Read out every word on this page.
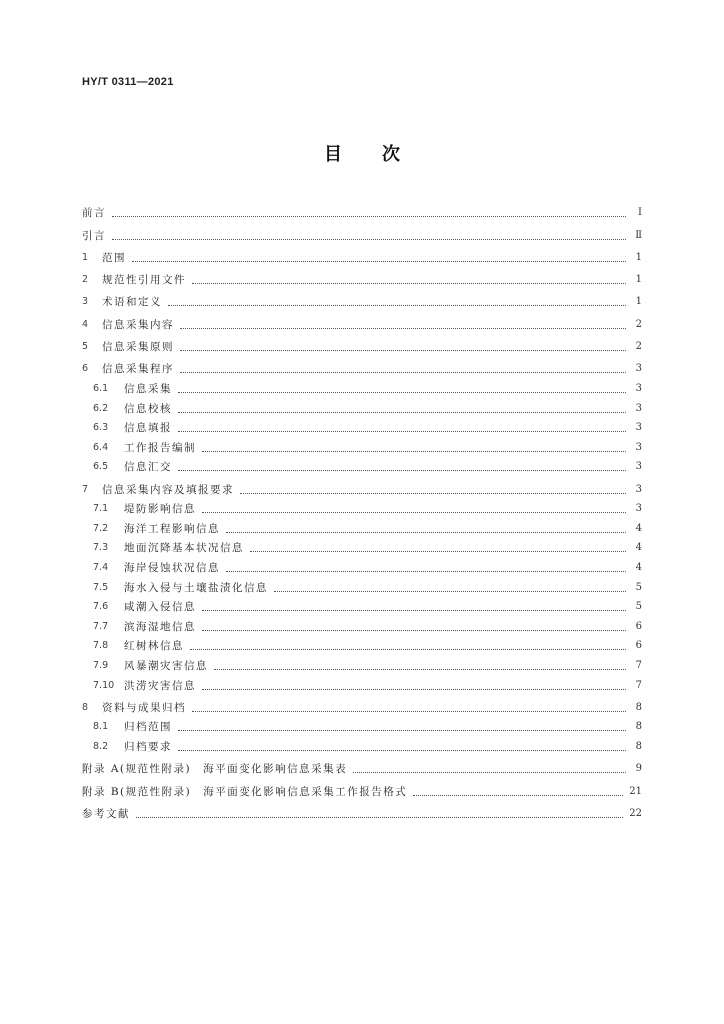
HY/T 0311—2021
目 次
前言	I
引言	Ⅱ
1	范围	1
2	规范性引用文件	1
3	术语和定义	1
4	信息采集内容	2
5	信息采集原则	2
6	信息采集程序	3
6.1	信息采集	3
6.2	信息校核	3
6.3	信息填报	3
6.4	工作报告编制	3
6.5	信息汇交	3
7	信息采集内容及填报要求	3
7.1	堤防影响信息	3
7.2	海洋工程影响信息	4
7.3	地面沉降基本状况信息	4
7.4	海岸侵蚀状况信息	4
7.5	海水入侵与土壤盐渍化信息	5
7.6	咸潮入侵信息	5
7.7	滨海湿地信息	6
7.8	红树林信息	6
7.9	风暴潮灾害信息	7
7.10 洪涝灾害信息	7
8	资料与成果归档	8
8.1	归档范围	8
8.2	归档要求	8
附录 A(规范性附录)　海平面变化影响信息采集表	9
附录 B(规范性附录)　海平面变化影响信息采集工作报告格式	21
参考文献	22
